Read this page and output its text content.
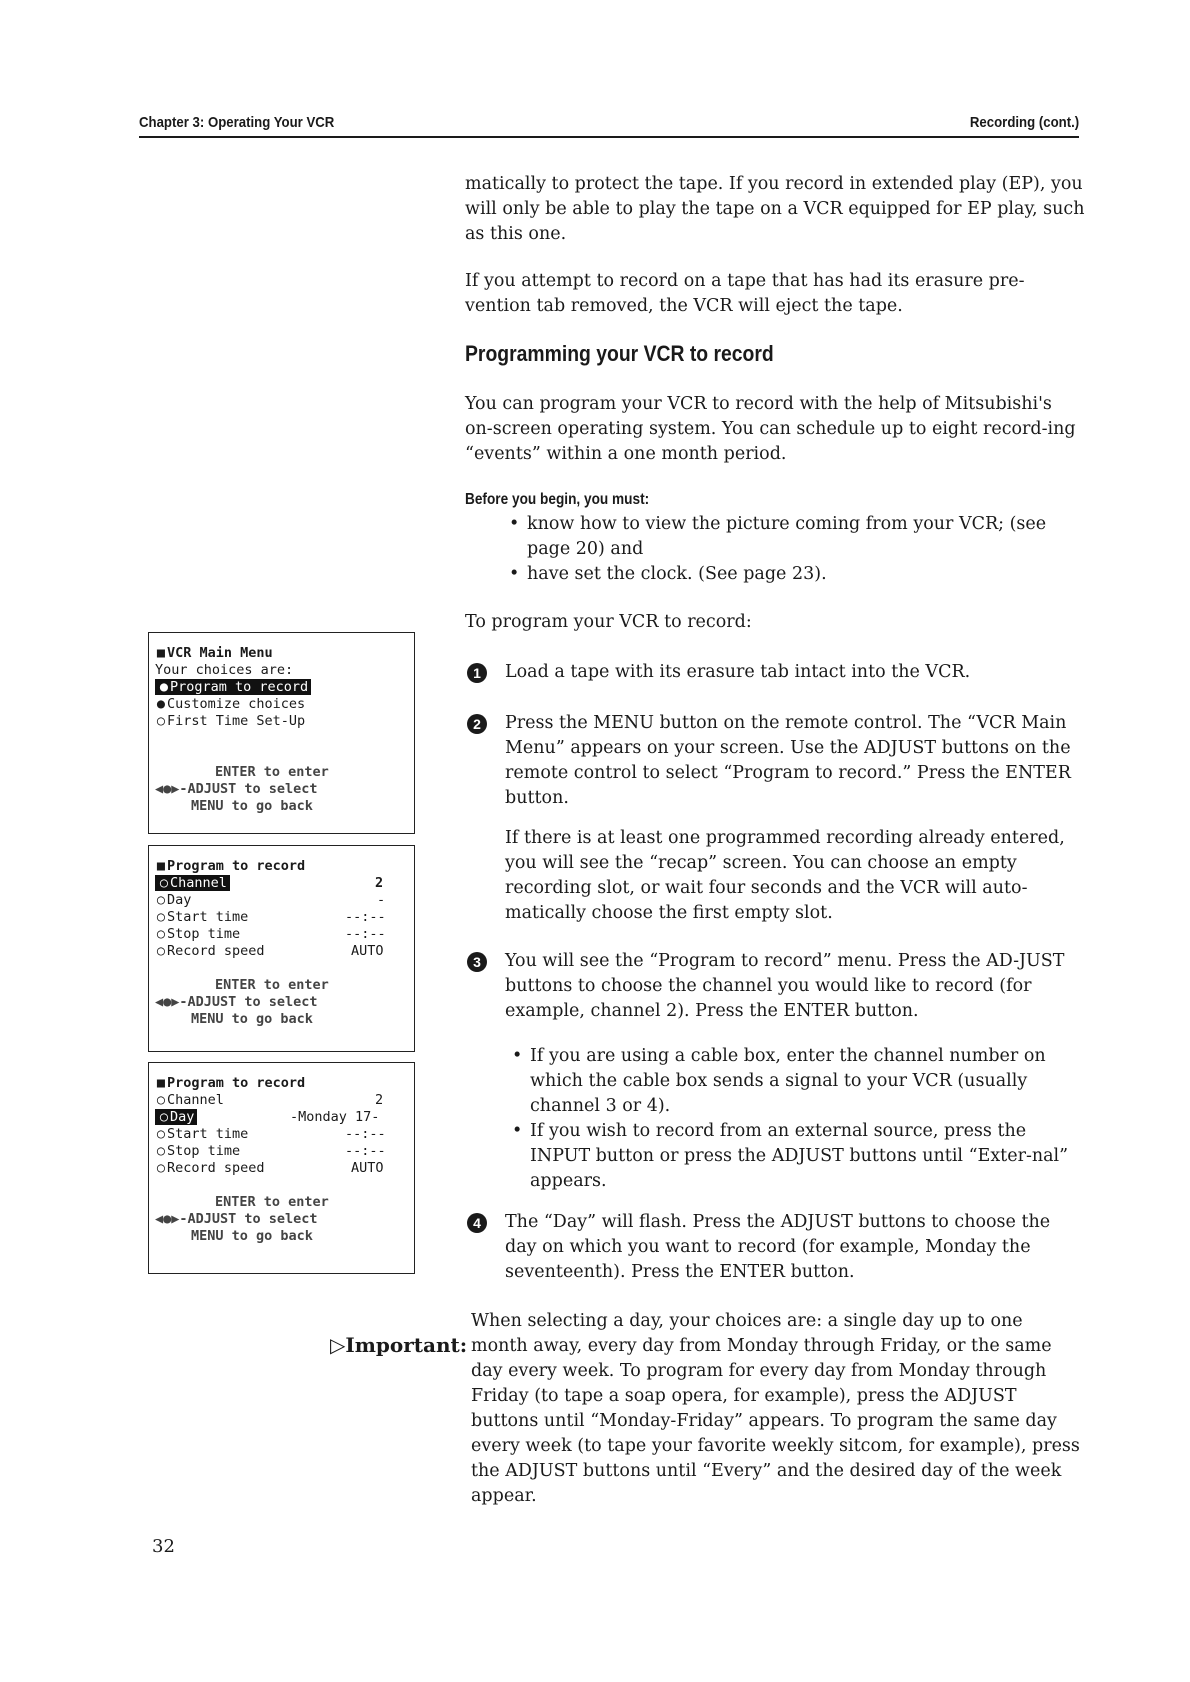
Chapter 3: Operating Your VCR	Recording (cont.)

matically to protect the tape. If you record in extended play (EP), you will only be able to play the tape on a VCR equipped for EP play, such as this one.

If you attempt to record on a tape that has had its erasure pre-vention tab removed, the VCR will eject the tape.

Programming your VCR to record
You can program your VCR to record with the help of Mitsubishi's on-screen operating system. You can schedule up to eight record-ing “events” within a one month period.
Before you begin, you must:
• know how to view the picture coming from your VCR; (see page 20) and
• have set the clock. (See page 23).
To program your VCR to record:
1	Load a tape with its erasure tab intact into the VCR.
2	Press the MENU button on the remote control. The “VCR Main Menu” appears on your screen. Use the ADJUST buttons on the remote control to select “Program to record.” Press the ENTER button.
If there is at least one programmed recording already entered, you will see the “recap” screen. You can choose an empty recording slot, or wait four seconds and the VCR will auto-matically choose the first empty slot.
3	You will see the “Program to record” menu. Press the AD-JUST buttons to choose the channel you would like to record (for example, channel 2). Press the ENTER button.
• If you are using a cable box, enter the channel number on which the cable box sends a signal to your VCR (usually channel 3 or 4).
• If you wish to record from an external source, press the INPUT button or press the ADJUST buttons until “Exter-nal” appears.
4	The “Day” will flash. Press the ADJUST buttons to choose the day on which you want to record (for example, Monday the seventeenth). Press the ENTER button.
▷Important:
When selecting a day, your choices are: a single day up to one month away, every day from Monday through Friday, or the same day every week. To program for every day from Monday through Friday (to tape a soap opera, for example), press the ADJUST buttons until “Monday-Friday” appears. To program the same day every week (to tape your favorite weekly sitcom, for example), press the ADJUST buttons until “Every” and the desired day of the week appear.
■ VCR Main Menu
Your choices are:
● Program to record
● Customize choices
○ First Time Set-Up
ENTER to enter
◀●▶-ADJUST to select
MENU to go back
■ Program to record
○ Channel	2
○ Day	-
○ Start time	--:--
○ Stop time	--:--
○ Record speed	AUTO
ENTER to enter
◀●▶-ADJUST to select
MENU to go back
■ Program to record
○ Channel	2
○ Day	-Monday 17-
○ Start time	--:--
○ Stop time	--:--
○ Record speed	AUTO
ENTER to enter
◀●▶-ADJUST to select
MENU to go back
32
